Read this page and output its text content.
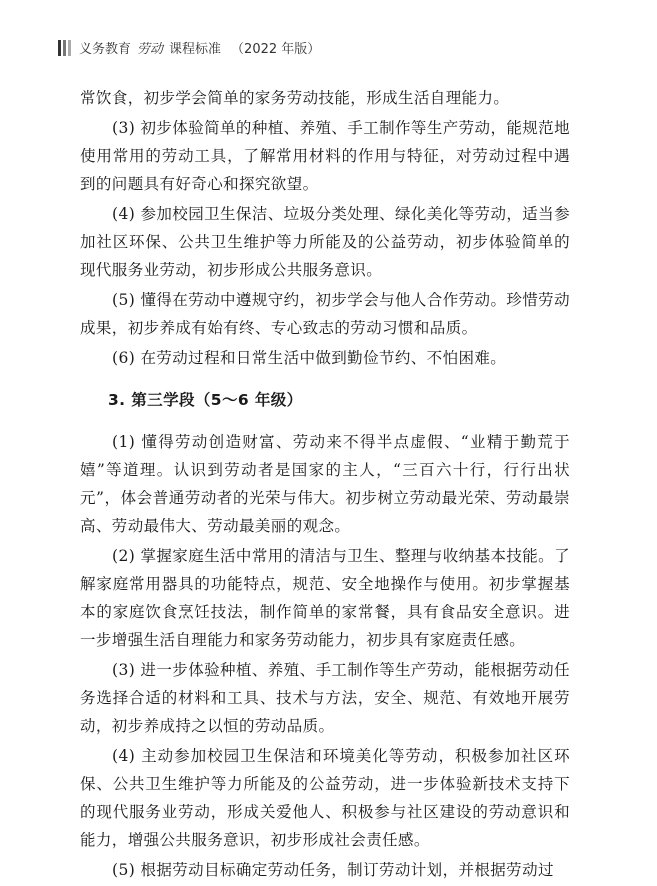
义务教育 劳动 课程标准 （2022 年版）

常饮食，初步学会简单的家务劳动技能，形成生活自理能力。

(3) 初步体验简单的种植、养殖、手工制作等生产劳动，能规范地使用常用的劳动工具，了解常用材料的作用与特征，对劳动过程中遇到的问题具有好奇心和探究欲望。

(4) 参加校园卫生保洁、垃圾分类处理、绿化美化等劳动，适当参加社区环保、公共卫生维护等力所能及的公益劳动，初步体验简单的现代服务业劳动，初步形成公共服务意识。

(5) 懂得在劳动中遵规守约，初步学会与他人合作劳动。珍惜劳动成果，初步养成有始有终、专心致志的劳动习惯和品质。

(6) 在劳动过程和日常生活中做到勤俭节约、不怕困难。

3. 第三学段（5～6 年级）

(1) 懂得劳动创造财富、劳动来不得半点虚假、“业精于勤荒于嬉”等道理。认识到劳动者是国家的主人，“三百六十行，行行出状元”，体会普通劳动者的光荣与伟大。初步树立劳动最光荣、劳动最崇高、劳动最伟大、劳动最美丽的观念。

(2) 掌握家庭生活中常用的清洁与卫生、整理与收纳基本技能。了解家庭常用器具的功能特点，规范、安全地操作与使用。初步掌握基本的家庭饮食烹饪技法，制作简单的家常餐，具有食品安全意识。进一步增强生活自理能力和家务劳动能力，初步具有家庭责任感。

(3) 进一步体验种植、养殖、手工制作等生产劳动，能根据劳动任务选择合适的材料和工具、技术与方法，安全、规范、有效地开展劳动，初步养成持之以恒的劳动品质。

(4) 主动参加校园卫生保洁和环境美化等劳动，积极参加社区环保、公共卫生维护等力所能及的公益劳动，进一步体验新技术支持下的现代服务业劳动，形成关爱他人、积极参与社区建设的劳动意识和能力，增强公共服务意识，初步形成社会责任感。

(5) 根据劳动目标确定劳动任务，制订劳动计划，并根据劳动过
